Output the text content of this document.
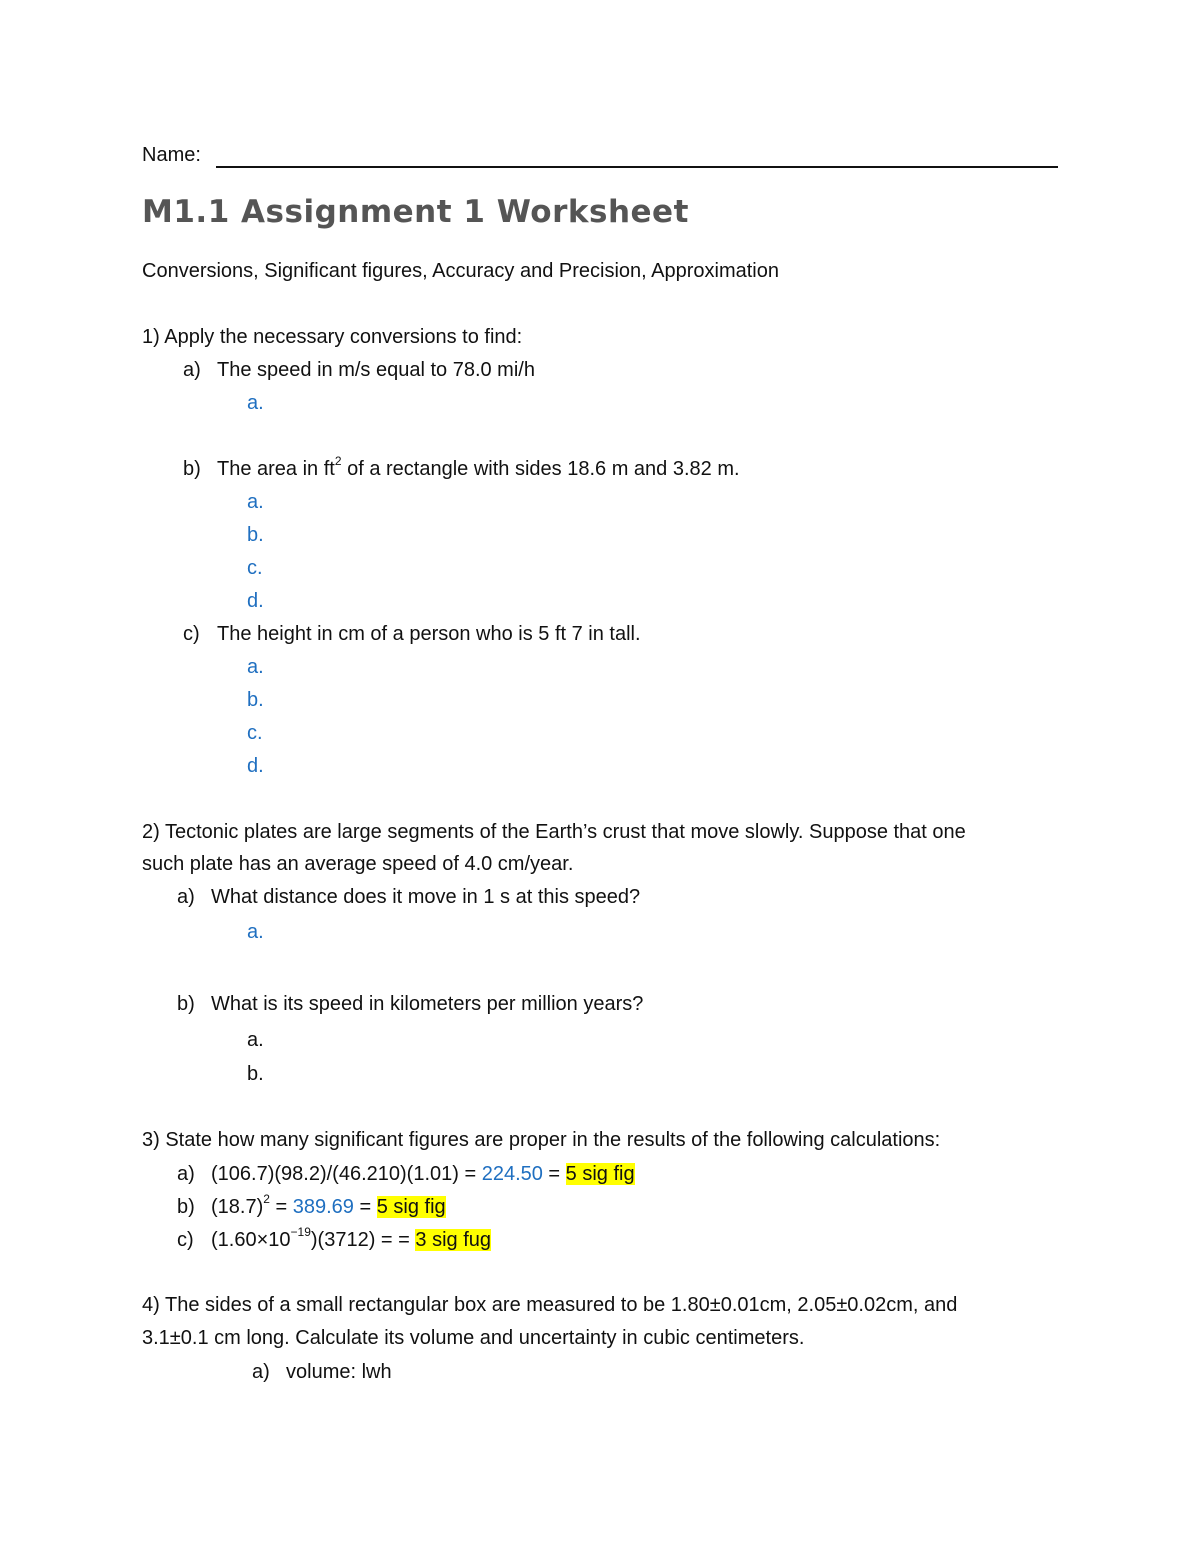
Name:
M1.1 Assignment 1 Worksheet
Conversions, Significant figures, Accuracy and Precision, Approximation
1) Apply the necessary conversions to find:
a) The speed in m/s equal to 78.0 mi/h
a.
b) The area in $ft^2$ of a rectangle with sides 18.6 m and 3.82 m.
a.
b.
c.
d.
c) The height in cm of a person who is 5 ft 7 in tall.
a.
b.
c.
d.
2) Tectonic plates are large segments of the Earth’s crust that move slowly. Suppose that one
such plate has an average speed of 4.0 cm/year.
a) What distance does it move in 1 s at this speed?
a.
b) What is its speed in kilometers per million years?
a.
b.
3) State how many significant figures are proper in the results of the following calculations:
a) (106.7)(98.2)/(46.210)(1.01) = 224.50 = 5 sig fig
b) $(18.7)^2 = 389.69 = 5$ sig fig
c) $(1.60\times 10^{-19})(3712)$ = = 3 sig fug
4) The sides of a small rectangular box are measured to be 1.80±0.01cm, 2.05±0.02cm, and
3.1±0.1 cm long. Calculate its volume and uncertainty in cubic centimeters.
a) volume: lwh
